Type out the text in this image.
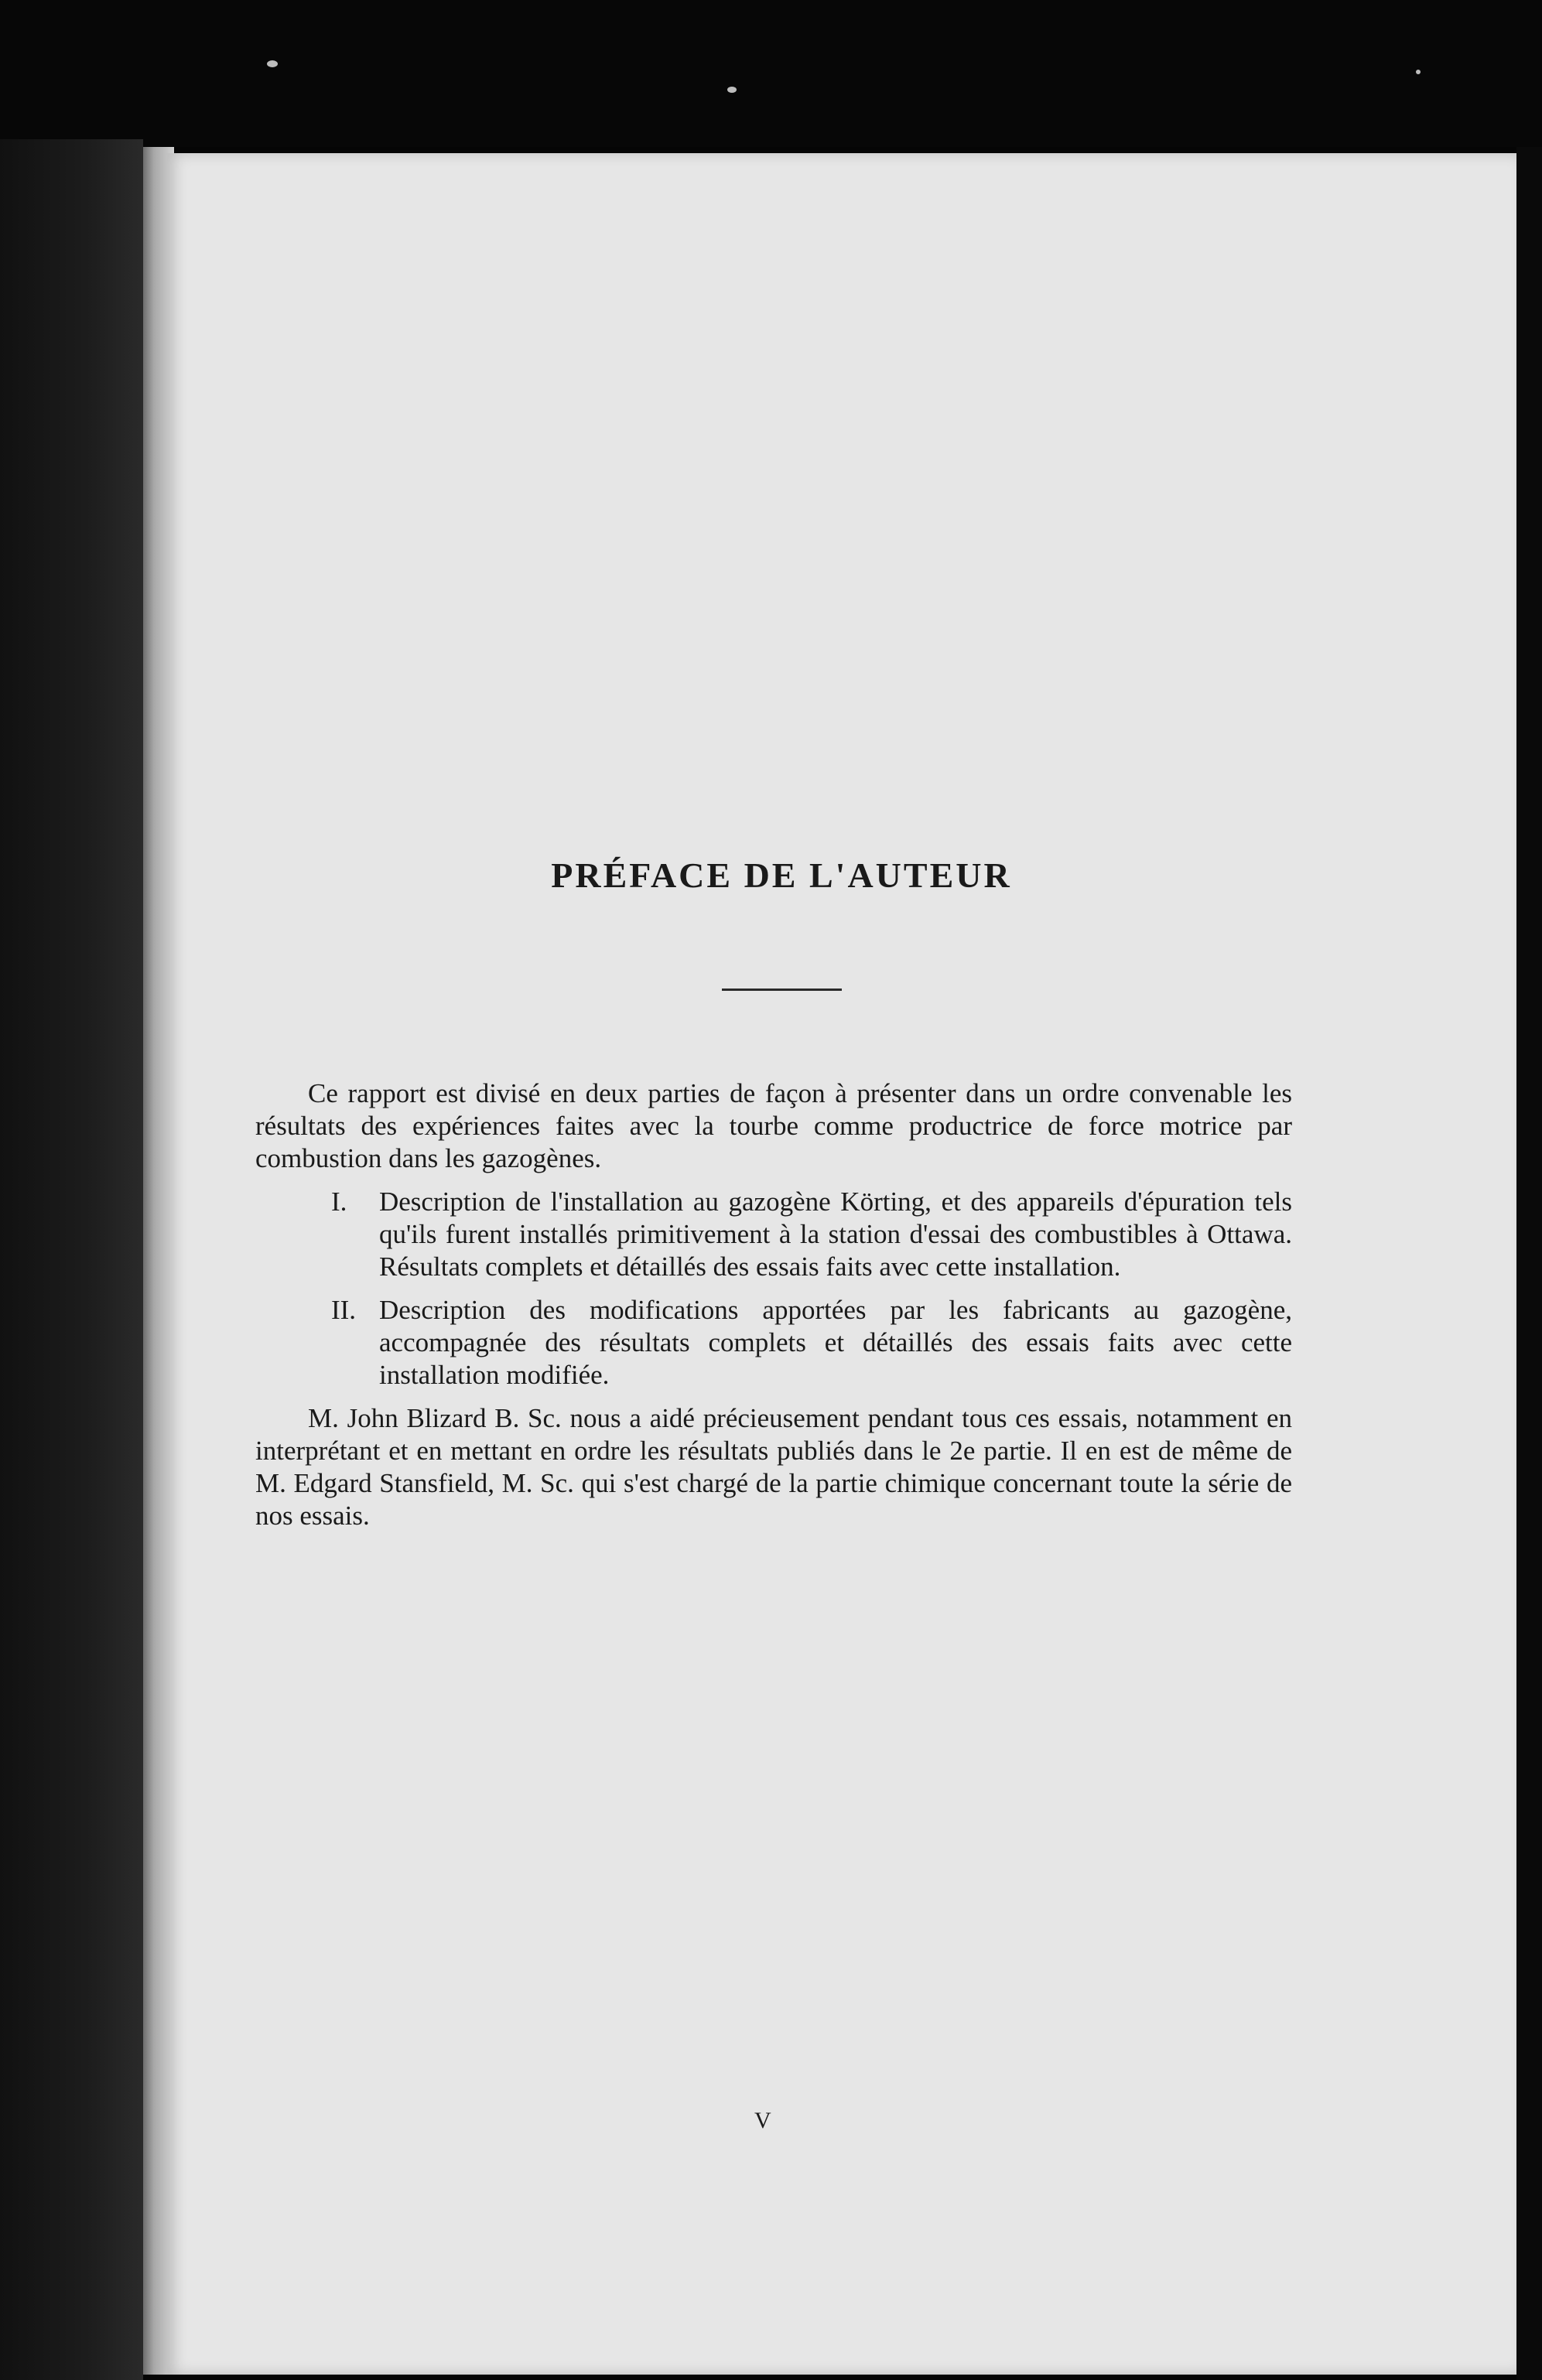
PRÉFACE DE L'AUTEUR

Ce rapport est divisé en deux parties de façon à présenter dans un ordre convenable les résultats des expériences faites avec la tourbe comme productrice de force motrice par combustion dans les gazogènes.

I. Description de l'installation au gazogène Körting, et des appareils d'épuration tels qu'ils furent installés primitivement à la station d'essai des combustibles à Ottawa. Résultats complets et détaillés des essais faits avec cette installation.
II. Description des modifications apportées par les fabricants au gazogène, accompagnée des résultats complets et détaillés des essais faits avec cette installation modifiée.

M. John Blizard B. Sc. nous a aidé précieusement pendant tous ces essais, notamment en interprétant et en mettant en ordre les résultats publiés dans le 2e partie. Il en est de même de M. Edgard Stansfield, M. Sc. qui s'est chargé de la partie chimique concernant toute la série de nos essais.

V
